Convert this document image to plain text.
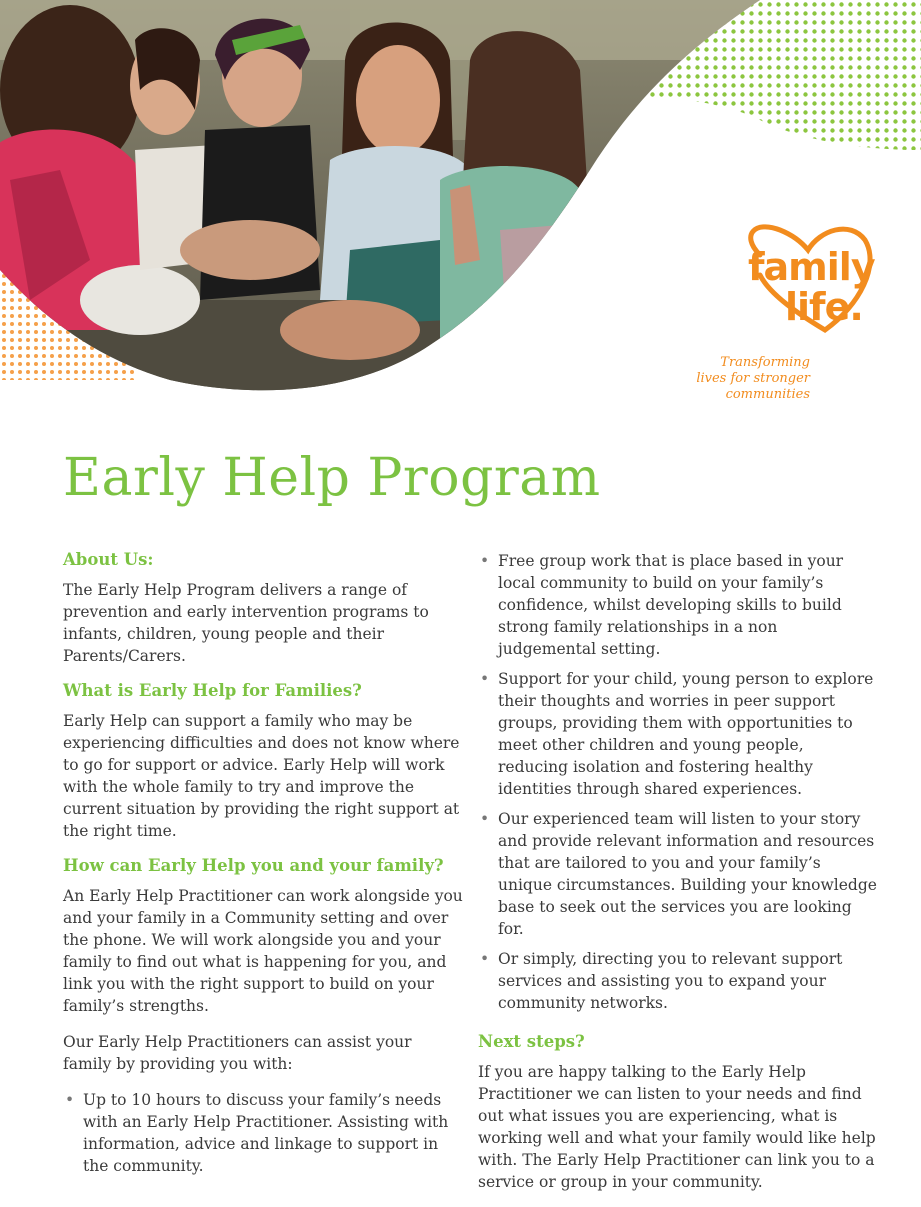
family
life.
Transforming
lives for stronger
communities
Early Help Program
About Us:

The Early Help Program delivers a range of prevention and early intervention programs to infants, children, young people and their Parents/Carers.

What is Early Help for Families?

Early Help can support a family who may be experiencing difficulties and does not know where to go for support or advice. Early Help will work with the whole family to try and improve the current situation by providing the right support at the right time.

How can Early Help you and your family?

An Early Help Practitioner can work alongside you and your family in a Community setting and over the phone. We will work alongside you and your family to find out what is happening for you, and link you with the right support to build on your family’s strengths.

Our Early Help Practitioners can assist your family by providing you with:

• Up to 10 hours to discuss your family’s needs with an Early Help Practitioner. Assisting with information, advice and linkage to support in the community.
• Free group work that is place based in your local community to build on your family’s confidence, whilst developing skills to build strong family relationships in a non judgemental setting.
• Support for your child, young person to explore their thoughts and worries in peer support groups, providing them with opportunities to meet other children and young people, reducing isolation and fostering healthy identities through shared experiences.
• Our experienced team will listen to your story and provide relevant information and resources that are tailored to you and your family’s unique circumstances. Building your knowledge base to seek out the services you are looking for.
• Or simply, directing you to relevant support services and assisting you to expand your community networks.
Next steps?

If you are happy talking to the Early Help Practitioner we can listen to your needs and find out what issues you are experiencing, what is working well and what your family would like help with. The Early Help Practitioner can link you to a service or group in your community.
